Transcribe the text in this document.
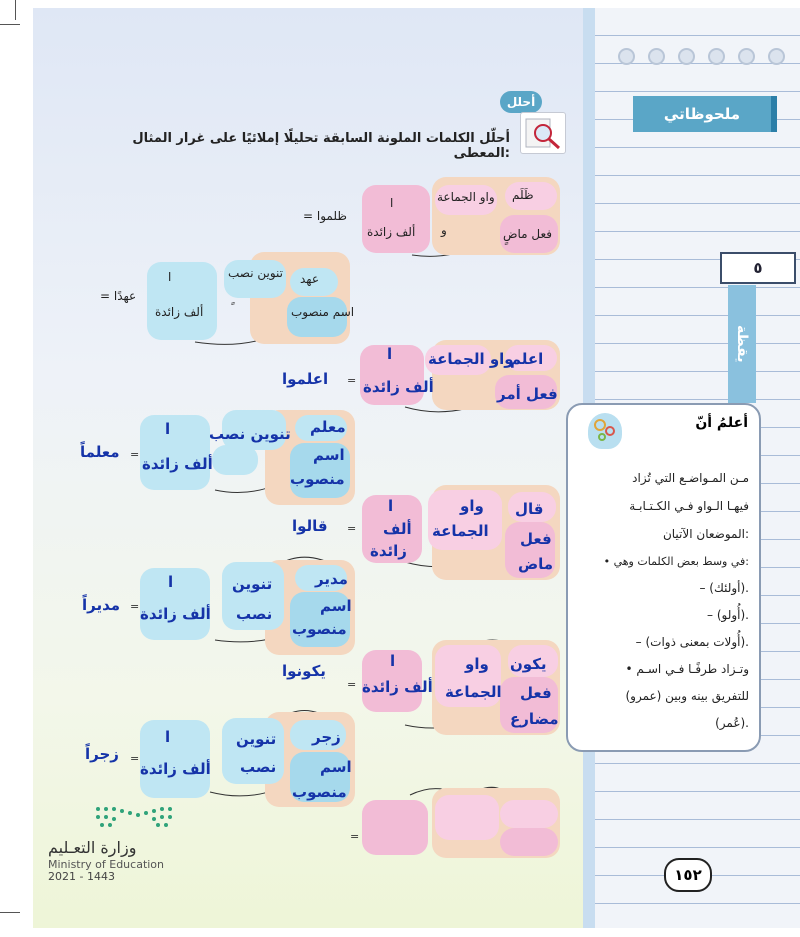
ملحوظاتي
٥
يقظة
أحلل
أحلّل الكلمات الملونة السابقة تحليلًا إملائيًا على غرار المثال المعطى:
ظَلَم
فعل ماضٍ
واو الجماعة
و
ا
ألف زائدة
= ظلموا
عهد
اسم منصوب
تنوين نصب
ا
ألف زائدة
= عهدًا
اعلم
فعل أمر
واو الجماعة
ا
ألف زائدة
=
اعلموا
معلم
اسم
منصوب
تنوين نصب
ا
ألف زائدة
=
معلماً
قال
فعل
ماض
واو
الجماعة
ا
ألف
زائدة
=
قالوا
مدير
اسم
منصوب
تنوين
نصب
ا
ألف زائدة
=
مديراً
يكون
فعل
مضارع
واو
الجماعة
ا
ألف زائدة
=
يكونوا
زجر
اسم
منصوب
تنوين
نصب
ا
ألف زائدة
=
زجراً
=
أعلمُ أنّ
مـن المـواضـع التي تُزاد
فيهـا الـواو فـي الكـتـابـة
الموضعان الآتيان:
• في وسط بعض الكلمات وهي:
– (أولئك).
– (أُولو).
– (أُولات بمعنى ذوات).
• وتـزاد طرفًـا فـي اسـم
(عمرو) للتفريق بينه وبين
(عُمر).
وزارة التعـليم
Ministry of Education
2021 - 1443	١٥٢
